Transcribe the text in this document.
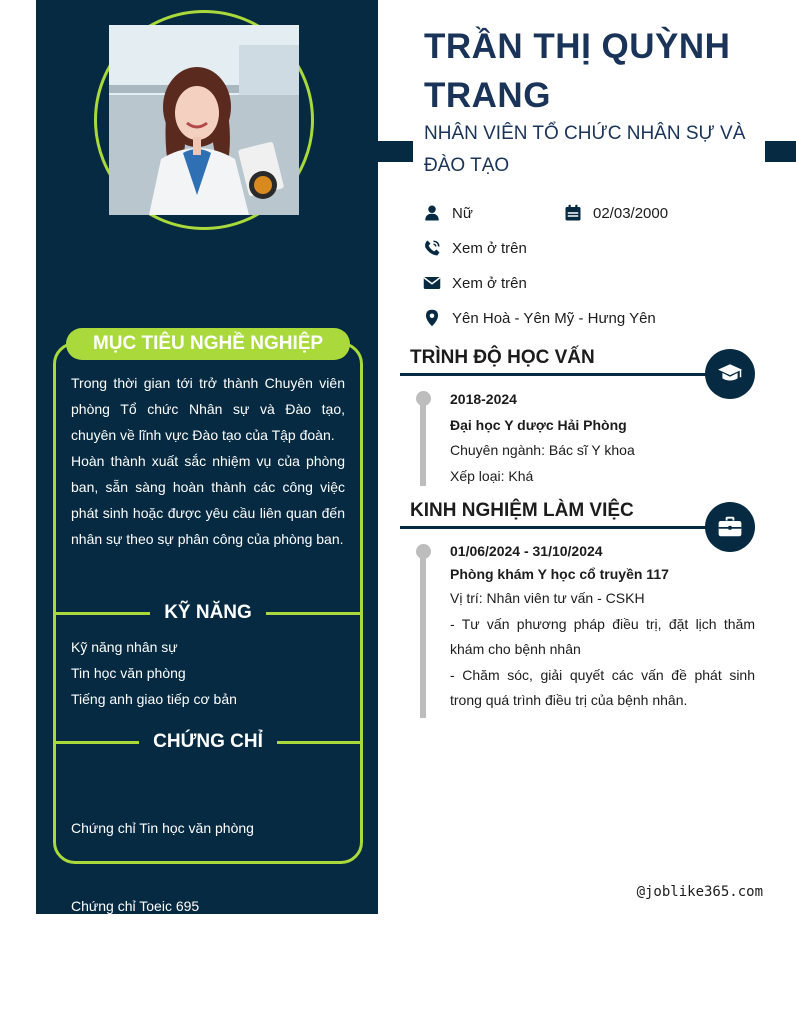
MỤC TIÊU NGHỀ NGHIỆP

Trong thời gian tới trở thành Chuyên viên phòng Tổ chức Nhân sự và Đào tạo, chuyên về lĩnh vực Đào tạo của Tập đoàn.

Hoàn thành xuất sắc nhiệm vụ của phòng ban, sẵn sàng hoàn thành các công việc phát sinh hoặc được yêu cầu liên quan đến nhân sự theo sự phân công của phòng ban.

KỸ NĂNG
Kỹ năng nhân sự
Tin học văn phòng
Tiếng anh giao tiếp cơ bản
CHỨNG CHỈ

Chứng chỉ Tin học văn phòng

Chứng chỉ Toeic 695

Chứng chỉ B2 Vstep

TRẦN THỊ QUỲNH TRANG
NHÂN VIÊN TỔ CHỨC NHÂN SỰ VÀ ĐÀO TẠO
Nữ	02/03/2000
Xem ở trên
Xem ở trên
Yên Hoà - Yên Mỹ - Hưng Yên
TRÌNH ĐỘ HỌC VẤN
2018-2024
Đại học Y dược Hải Phòng
Chuyên ngành: Bác sĩ Y khoa
Xếp loại: Khá
KINH NGHIỆM LÀM VIỆC
01/06/2024 - 31/10/2024
Phòng khám Y học cổ truyền 117
Vị trí: Nhân viên tư vấn - CSKH
- Tư vấn phương pháp điều trị, đặt lịch thăm khám cho bệnh nhân
- Chăm sóc, giải quyết các vấn đề phát sinh trong quá trình điều trị của bệnh nhân.
@joblike365.com
